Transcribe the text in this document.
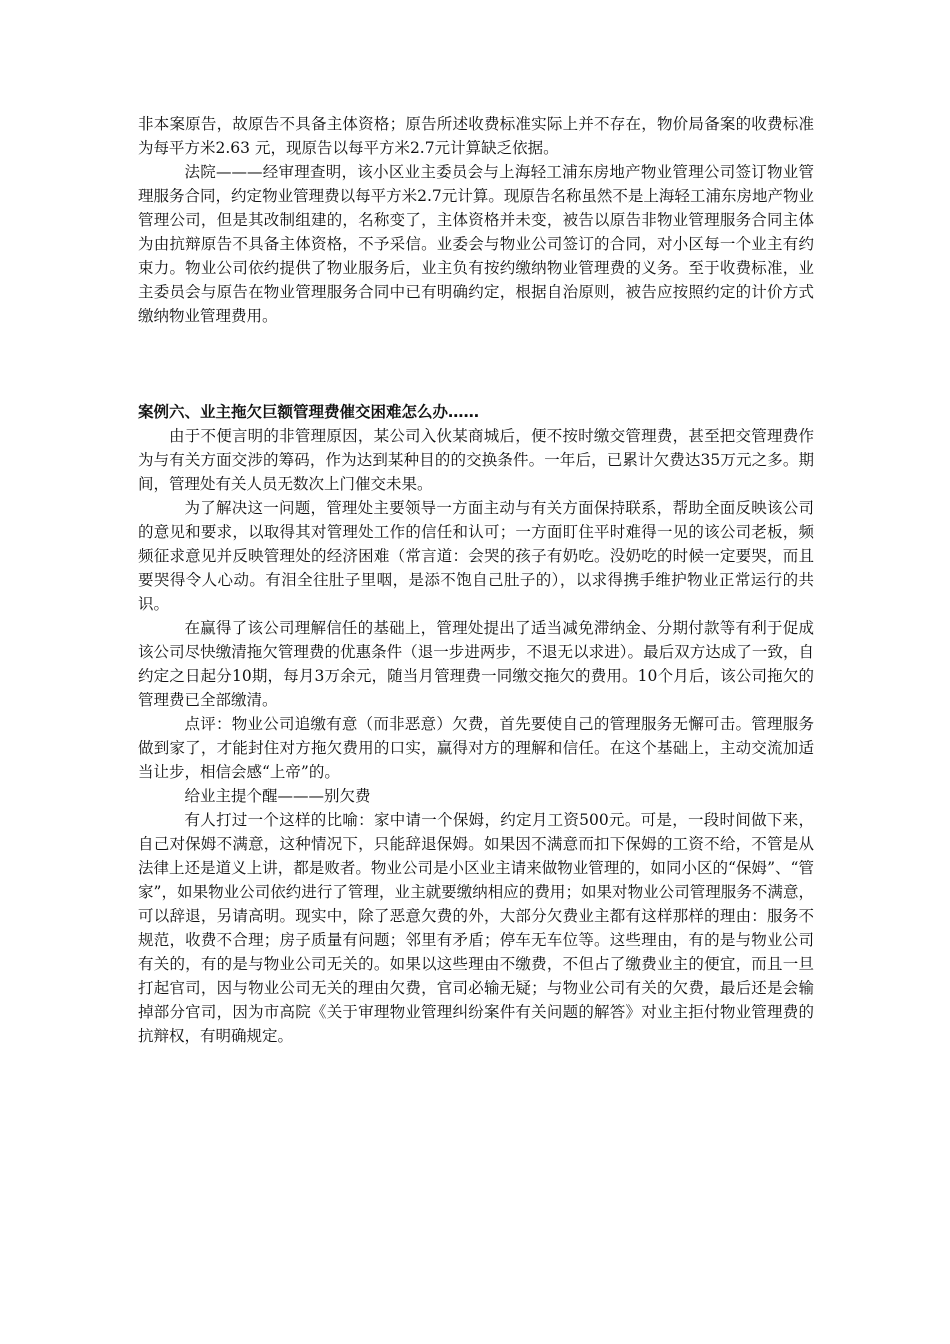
非本案原告，故原告不具备主体资格；原告所述收费标准实际上并不存在，物价局备案的收费标准为每平方米2.63 元，现原告以每平方米2.7元计算缺乏依据。

法院———经审理查明，该小区业主委员会与上海轻工浦东房地产物业管理公司签订物业管理服务合同，约定物业管理费以每平方米2.7元计算。现原告名称虽然不是上海轻工浦东房地产物业管理公司，但是其改制组建的，名称变了，主体资格并未变，被告以原告非物业管理服务合同主体为由抗辩原告不具备主体资格，不予采信。业委会与物业公司签订的合同，对小区每一个业主有约束力。物业公司依约提供了物业服务后，业主负有按约缴纳物业管理费的义务。至于收费标准，业主委员会与原告在物业管理服务合同中已有明确约定，根据自治原则，被告应按照约定的计价方式缴纳物业管理费用。

案例六、业主拖欠巨额管理费催交困难怎么办……

由于不便言明的非管理原因，某公司入伙某商城后，便不按时缴交管理费，甚至把交管理费作为与有关方面交涉的筹码，作为达到某种目的的交换条件。一年后，已累计欠费达35万元之多。期间，管理处有关人员无数次上门催交未果。

为了解决这一问题，管理处主要领导一方面主动与有关方面保持联系，帮助全面反映该公司的意见和要求，以取得其对管理处工作的信任和认可；一方面盯住平时难得一见的该公司老板，频频征求意见并反映管理处的经济困难（常言道：会哭的孩子有奶吃。没奶吃的时候一定要哭，而且要哭得令人心动。有泪全往肚子里咽，是添不饱自己肚子的），以求得携手维护物业正常运行的共识。

在赢得了该公司理解信任的基础上，管理处提出了适当减免滞纳金、分期付款等有利于促成该公司尽快缴清拖欠管理费的优惠条件（退一步进两步，不退无以求进）。最后双方达成了一致，自约定之日起分10期，每月3万余元，随当月管理费一同缴交拖欠的费用。10个月后，该公司拖欠的管理费已全部缴清。

点评：物业公司追缴有意（而非恶意）欠费，首先要使自己的管理服务无懈可击。管理服务做到家了，才能封住对方拖欠费用的口实，赢得对方的理解和信任。在这个基础上，主动交流加适当让步，相信会感“上帝”的。

给业主提个醒———别欠费

有人打过一个这样的比喻：家中请一个保姆，约定月工资500元。可是，一段时间做下来，自己对保姆不满意，这种情况下，只能辞退保姆。如果因不满意而扣下保姆的工资不给，不管是从法律上还是道义上讲，都是败者。物业公司是小区业主请来做物业管理的，如同小区的“保姆”、“管家”，如果物业公司依约进行了管理，业主就要缴纳相应的费用；如果对物业公司管理服务不满意，可以辞退，另请高明。现实中，除了恶意欠费的外，大部分欠费业主都有这样那样的理由：服务不规范，收费不合理；房子质量有问题；邻里有矛盾；停车无车位等。这些理由，有的是与物业公司有关的，有的是与物业公司无关的。如果以这些理由不缴费，不但占了缴费业主的便宜，而且一旦打起官司，因与物业公司无关的理由欠费，官司必输无疑；与物业公司有关的欠费，最后还是会输掉部分官司，因为市高院《关于审理物业管理纠纷案件有关问题的解答》对业主拒付物业管理费的抗辩权，有明确规定。
